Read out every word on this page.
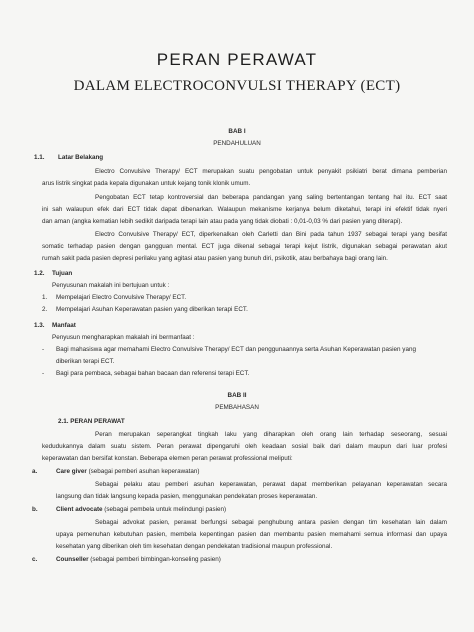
PERAN PERAWAT
DALAM ELECTROCONVULSI THERAPY (ECT)
BAB I
PENDAHULUAN
1.1. Latar Belakang
Electro Convulsive Therapy/ ECT merupakan suatu pengobatan untuk penyakit psikiatri berat dimana pemberian
arus listrik singkat pada kepala digunakan untuk kejang tonik klonik umum.
Pengobatan ECT tetap kontroversial dan beberapa pandangan yang saling bertentangan tentang hal itu. ECT saat
ini sah walaupun efek dari ECT tidak dapat dibenarkan. Walaupun mekanisme kerjanya belum diketahui, terapi ini efektif tidak nyeri
dan aman (angka kematian lebih sedikit daripada terapi lain atau pada yang tidak diobati : 0,01-0,03 % dari pasien yang diterapi).
Electro Convulsive Therapy/ ECT, diperkenalkan oleh Carletti dan Bini pada tahun 1937 sebagai terapi yang besifat
somatic terhadap pasien dengan gangguan mental. ECT juga dikenal sebagai terapi kejut listrik, digunakan sebagai perawatan akut
rumah sakit pada pasien depresi perilaku yang agitasi atau pasien yang bunuh diri, psikotik, atau berbahaya bagi orang lain.
1.2. Tujuan
Penyusunan makalah ini bertujuan untuk :
1. Mempelajari Electro Convulsive Therapy/ ECT.
2. Mempelajari Asuhan Keperawatan pasien yang diberikan terapi ECT.
1.3. Manfaat
Penyusun mengharapkan makalah ini bermanfaat :
- Bagi mahasiswa agar memahami Electro Convulsive Therapy/ ECT dan penggunaannya serta Asuhan Keperawatan pasien yang
diberikan terapi ECT.
- Bagi para pembaca, sebagai bahan bacaan dan referensi terapi ECT.
BAB II
PEMBAHASAN
2.1. PERAN PERAWAT
Peran merupakan seperangkat tingkah laku yang diharapkan oleh orang lain terhadap seseorang, sesuai
kedudukannya dalam suatu sistem. Peran perawat dipengaruhi oleh keadaan sosial baik dari dalam maupun dari luar profesi
keperawatan dan bersifat konstan. Beberapa elemen peran perawat professional meliputi:
a.	Care giver (sebagai pemberi asuhan keperawatan)
Sebagai pelaku atau pemberi asuhan keperawatan, perawat dapat memberikan pelayanan keperawatan secara
langsung dan tidak langsung kepada pasien, menggunakan pendekatan proses keperawatan.
b.	Client advocate (sebagai pembela untuk melindungi pasien)
Sebagai advokat pasien, perawat berfungsi sebagai penghubung antara pasien dengan tim kesehatan lain dalam
upaya pemenuhan kebutuhan pasien, membela kepentingan pasien dan membantu pasien memahami semua informasi dan upaya
kesehatan yang diberikan oleh tim kesehatan dengan pendekatan tradisional maupun professional.
c.	Counseller (sebagai pemberi bimbingan-konseling pasien)
